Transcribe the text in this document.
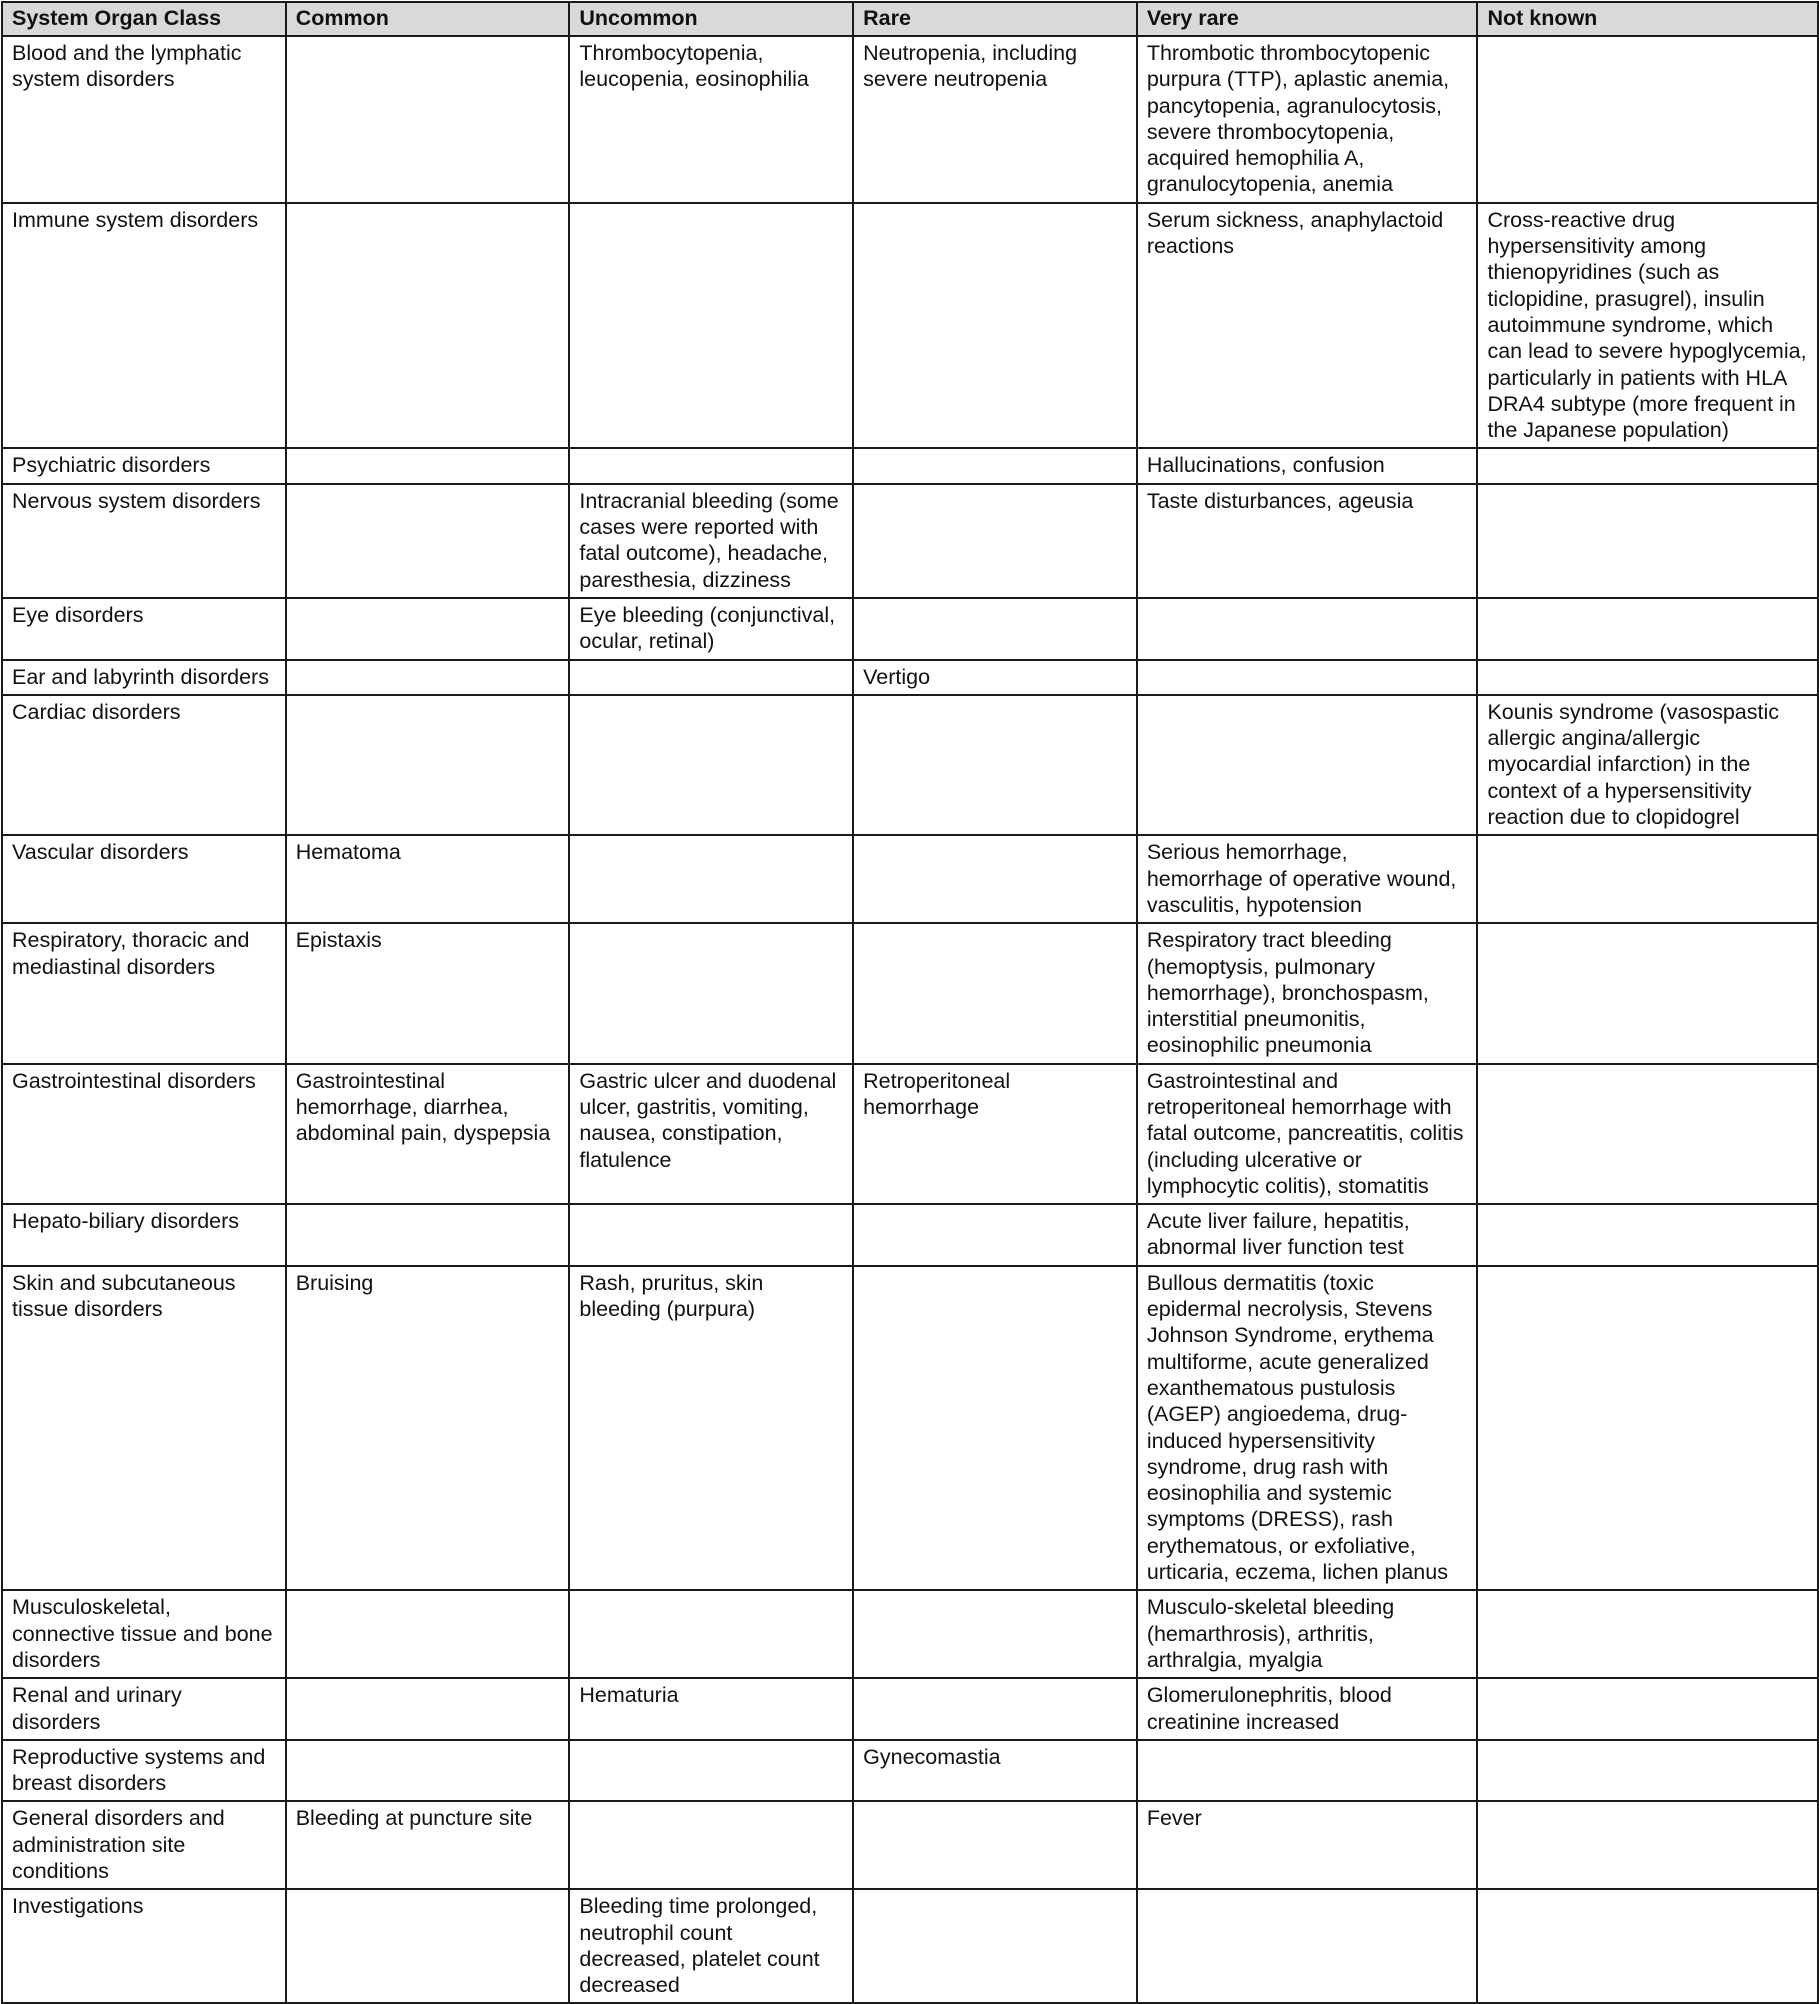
System Organ Class	Common	Uncommon	Rare	Very rare	Not known
Blood and the lymphatic system disorders		Thrombocytopenia, leucopenia, eosinophilia	Neutropenia, including severe neutropenia	Thrombotic thrombocytopenic purpura (TTP), aplastic anemia, pancytopenia, agranulocytosis, severe thrombocytopenia, acquired hemophilia A, granulocytopenia, anemia	
Immune system disorders				Serum sickness, anaphylactoid reactions	Cross-reactive drug hypersensitivity among thienopyridines (such as ticlopidine, prasugrel), insulin autoimmune syndrome, which can lead to severe hypoglycemia, particularly in patients with HLA DRA4 subtype (more frequent in the Japanese population)
Psychiatric disorders				Hallucinations, confusion	
Nervous system disorders		Intracranial bleeding (some cases were reported with fatal outcome), headache, paresthesia, dizziness		Taste disturbances, ageusia	
Eye disorders		Eye bleeding (conjunctival, ocular, retinal)			
Ear and labyrinth disorders			Vertigo		
Cardiac disorders					Kounis syndrome (vasospastic allergic angina/allergic myocardial infarction) in the context of a hypersensitivity reaction due to clopidogrel
Vascular disorders	Hematoma			Serious hemorrhage, hemorrhage of operative wound, vasculitis, hypotension	
Respiratory, thoracic and mediastinal disorders	Epistaxis			Respiratory tract bleeding (hemoptysis, pulmonary hemorrhage), bronchospasm, interstitial pneumonitis, eosinophilic pneumonia	
Gastrointestinal disorders	Gastrointestinal hemorrhage, diarrhea, abdominal pain, dyspepsia	Gastric ulcer and duodenal ulcer, gastritis, vomiting, nausea, constipation, flatulence	Retroperitoneal hemorrhage	Gastrointestinal and retroperitoneal hemorrhage with fatal outcome, pancreatitis, colitis (including ulcerative or lymphocytic colitis), stomatitis	
Hepato-biliary disorders				Acute liver failure, hepatitis, abnormal liver function test	
Skin and subcutaneous tissue disorders	Bruising	Rash, pruritus, skin bleeding (purpura)		Bullous dermatitis (toxic epidermal necrolysis, Stevens Johnson Syndrome, erythema multiforme, acute generalized exanthematous pustulosis (AGEP) angioedema, drug-induced hypersensitivity syndrome, drug rash with eosinophilia and systemic symptoms (DRESS), rash erythematous, or exfoliative, urticaria, eczema, lichen planus	
Musculoskeletal, connective tissue and bone disorders				Musculo-skeletal bleeding (hemarthrosis), arthritis, arthralgia, myalgia	
Renal and urinary disorders		Hematuria		Glomerulonephritis, blood creatinine increased	
Reproductive systems and breast disorders			Gynecomastia		
General disorders and administration site conditions	Bleeding at puncture site			Fever	
Investigations		Bleeding time prolonged, neutrophil count decreased, platelet count decreased			
